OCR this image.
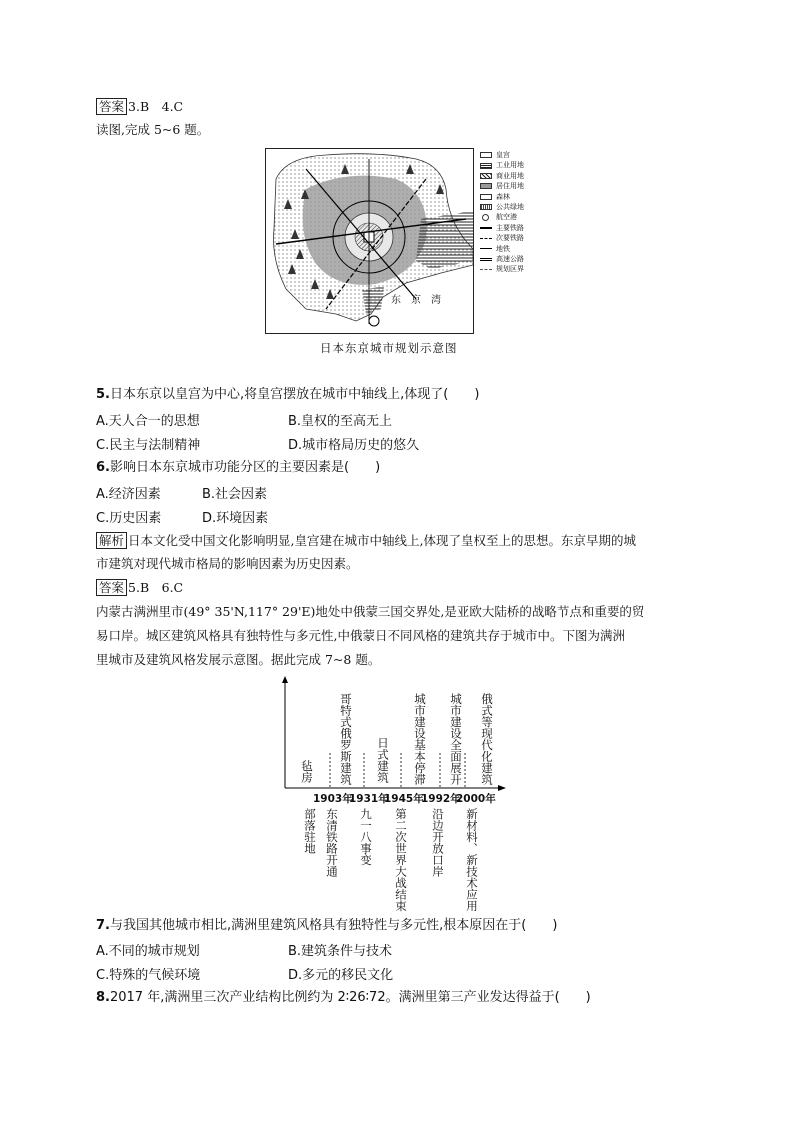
答案 3.B　4.C
读图,完成 5~6 题。
东　京　湾
皇宫
工业用地
商业用地
居住用地
森林
公共绿地
航空港
主要铁路
次要铁路
地铁
高速公路
规划区界
日本东京城市规划示意图
5.日本东京以皇宫为中心,将皇宫摆放在城市中轴线上,体现了( )
A.天人合一的思想	B.皇权的至高无上
C.民主与法制精神	D.城市格局历史的悠久
6.影响日本东京城市功能分区的主要因素是( )
A.经济因素	B.社会因素
C.历史因素	D.环境因素
解析 日本文化受中国文化影响明显,皇宫建在城市中轴线上,体现了皇权至上的思想。东京早期的城
市建筑对现代城市格局的影响因素为历史因素。
答案 5.B　6.C
内蒙古满洲里市(49° 35'N,117° 29'E)地处中俄蒙三国交界处,是亚欧大陆桥的战略节点和重要的贸
易口岸。城区建筑风格具有独特性与多元性,中俄蒙日不同风格的建筑共存于城市中。下图为满洲
里城市及建筑风格发展示意图。据此完成 7~8 题。
毡房 哥特式俄罗斯建筑 日式建筑 城市建设基本停滞 城市建设全面展开 俄式等现代化建筑
1903年
1931年
1945年
1992年
2000年
部落驻地 东清铁路开通 九一八事变 第二次世界大战结束 沿边开放口岸 新材料、新技术应用
7.与我国其他城市相比,满洲里建筑风格具有独特性与多元性,根本原因在于( )
A.不同的城市规划	B.建筑条件与技术
C.特殊的气候环境	D.多元的移民文化
8.2017 年,满洲里三次产业结构比例约为 2∶26∶72。满洲里第三产业发达得益于( )
